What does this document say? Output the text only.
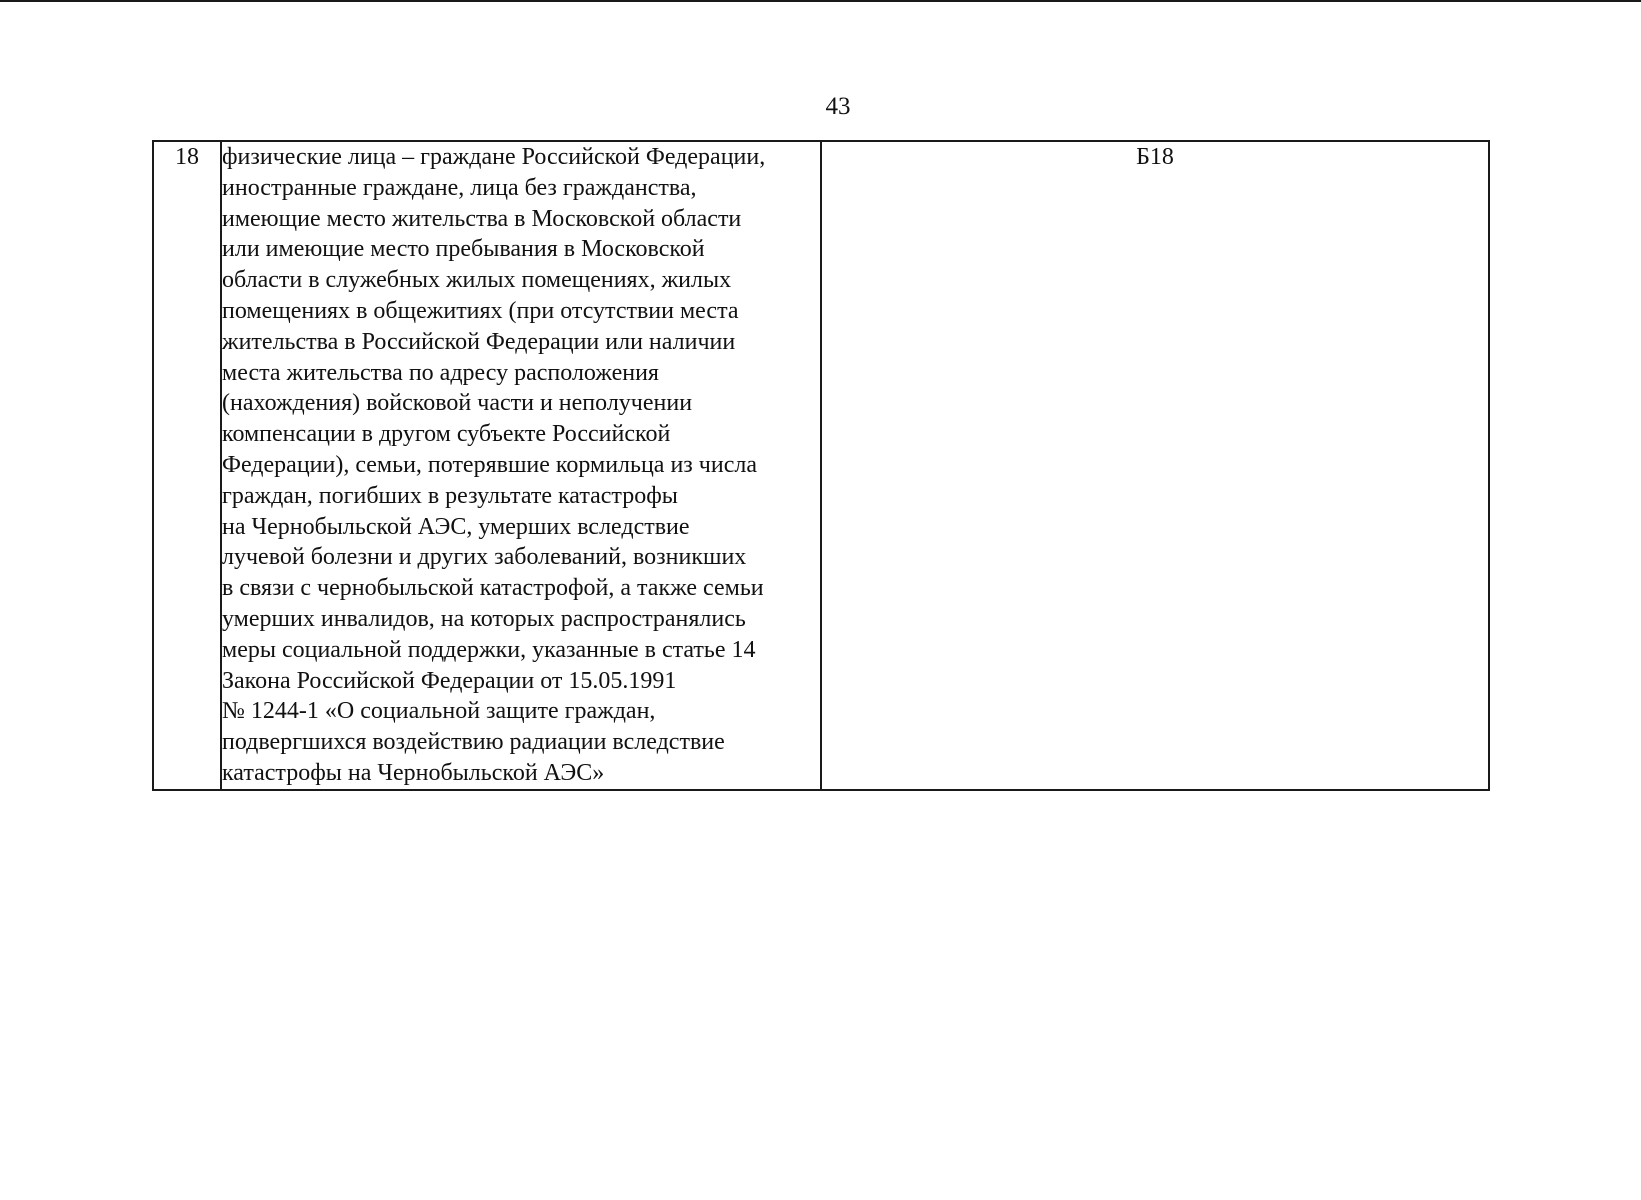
43
18	физические лица – граждане Российской Федерации,
иностранные граждане, лица без гражданства,
имеющие место жительства в Московской области
или имеющие место пребывания в Московской
области в служебных жилых помещениях, жилых
помещениях в общежитиях (при отсутствии места
жительства в Российской Федерации или наличии
места жительства по адресу расположения
(нахождения) войсковой части и неполучении
компенсации в другом субъекте Российской
Федерации), семьи, потерявшие кормильца из числа
граждан, погибших в результате катастрофы
на Чернобыльской АЭС, умерших вследствие
лучевой болезни и других заболеваний, возникших
в связи с чернобыльской катастрофой, а также семьи
умерших инвалидов, на которых распространялись
меры социальной поддержки, указанные в статье 14
Закона Российской Федерации от 15.05.1991
№ 1244-1 «О социальной защите граждан,
подвергшихся воздействию радиации вследствие
катастрофы на Чернобыльской АЭС»	Б18
